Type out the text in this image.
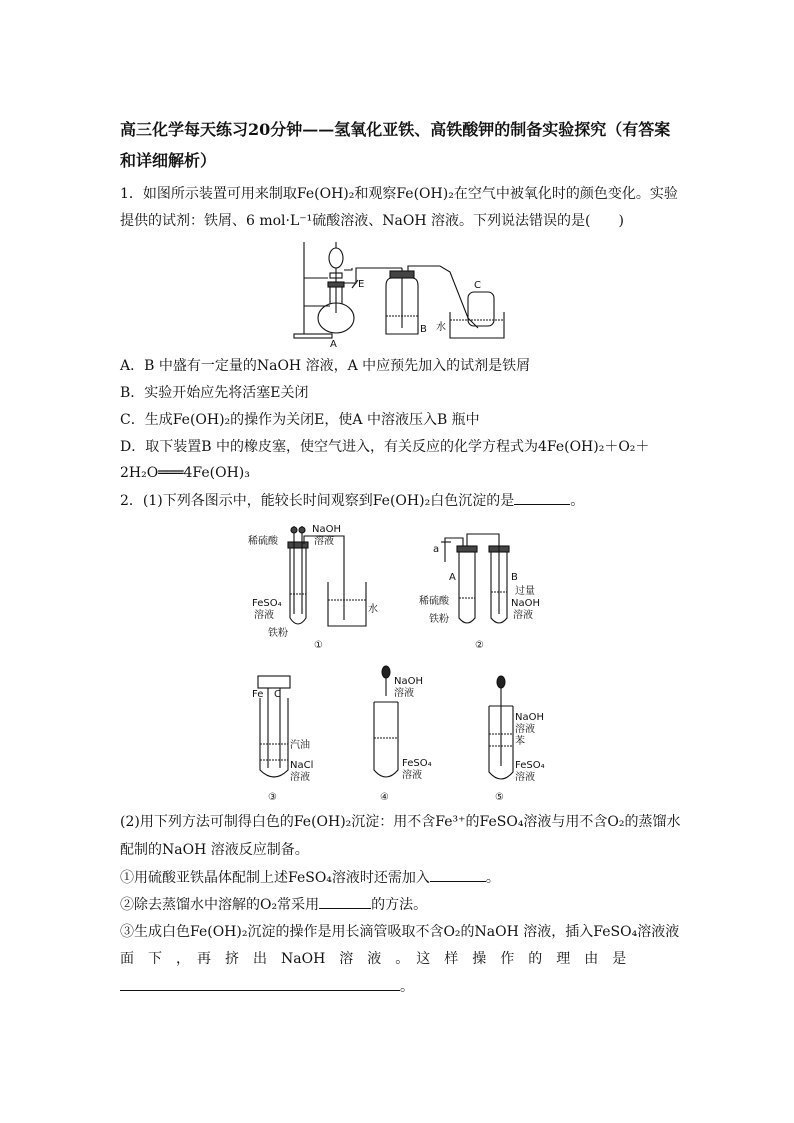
高三化学每天练习20分钟——氢氧化亚铁、高铁酸钾的制备实验探究（有答案
和详细解析）
1．如图所示装置可用来制取Fe(OH)₂和观察Fe(OH)₂在空气中被氧化时的颜色变化。实验
提供的试剂：铁屑、6 mol·L⁻¹硫酸溶液、NaOH 溶液。下列说法错误的是(　　)
E
A
B
C
水
A．B 中盛有一定量的NaOH 溶液，A 中应预先加入的试剂是铁屑
B．实验开始应先将活塞E关闭
C．生成Fe(OH)₂的操作为关闭E，使A 中溶液压入B 瓶中
D．取下装置B 中的橡皮塞，使空气进入，有关反应的化学方程式为4Fe(OH)₂＋O₂＋
2H₂O═══4Fe(OH)₃
2．(1)下列各图示中，能较长时间观察到Fe(OH)₂白色沉淀的是	。
稀硫酸
NaOH
溶液
FeSO₄
溶液
铁粉
水
①
a
A	B
稀硫酸
铁粉
过量
NaOH
溶液
②
Fe C
汽油
NaCl
溶液
③
NaOH
溶液
FeSO₄
溶液
④
NaOH
溶液
苯
FeSO₄
溶液
⑤
(2)用下列方法可制得白色的Fe(OH)₂沉淀：用不含Fe³⁺的FeSO₄溶液与用不含O₂的蒸馏水
配制的NaOH 溶液反应制备。
①用硫酸亚铁晶体配制上述FeSO₄溶液时还需加入	。
②除去蒸馏水中溶解的O₂常采用	的方法。
③生成白色Fe(OH)₂沉淀的操作是用长滴管吸取不含O₂的NaOH 溶液，插入FeSO₄溶液液
面　下　，　再　挤　出　NaOH　溶　液　。　这　样　操　作　的　理　由　是
。
